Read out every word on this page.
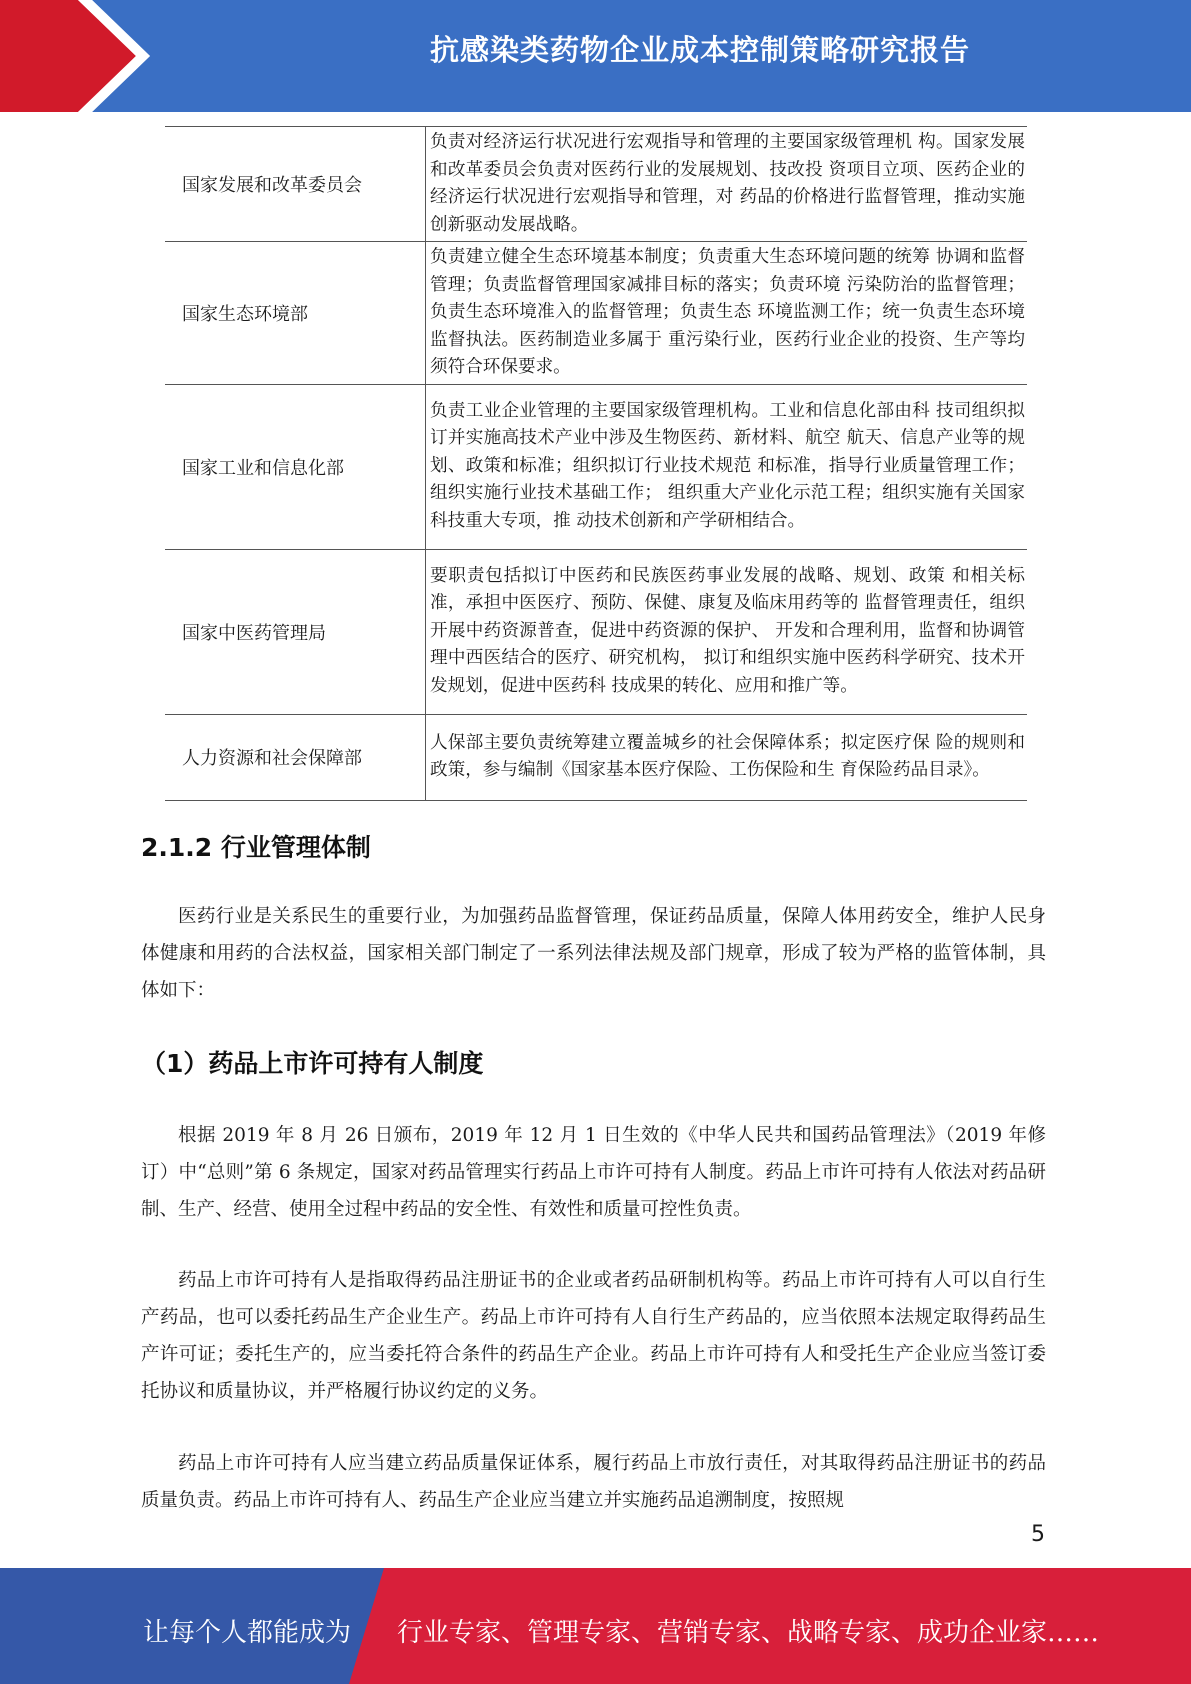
抗感染类药物企业成本控制策略研究报告
国家发展和改革委员会	负责对经济运行状况进行宏观指导和管理的主要国家级管理机 构。国家发展和改革委员会负责对医药行业的发展规划、技改投 资项目立项、医药企业的经济运行状况进行宏观指导和管理，对 药品的价格进行监督管理，推动实施创新驱动发展战略。
国家生态环境部	负责建立健全生态环境基本制度；负责重大生态环境问题的统筹 协调和监督管理；负责监督管理国家减排目标的落实；负责环境 污染防治的监督管理；负责生态环境准入的监督管理；负责生态 环境监测工作；统一负责生态环境监督执法。医药制造业多属于 重污染行业，医药行业企业的投资、生产等均须符合环保要求。
国家工业和信息化部	负责工业企业管理的主要国家级管理机构。工业和信息化部由科 技司组织拟订并实施高技术产业中涉及生物医药、新材料、航空 航天、信息产业等的规划、政策和标准；组织拟订行业技术规范 和标准，指导行业质量管理工作；组织实施行业技术基础工作； 组织重大产业化示范工程；组织实施有关国家科技重大专项，推 动技术创新和产学研相结合。
国家中医药管理局	要职责包括拟订中医药和民族医药事业发展的战略、规划、政策 和相关标准，承担中医医疗、预防、保健、康复及临床用药等的 监督管理责任，组织开展中药资源普查，促进中药资源的保护、 开发和合理利用，监督和协调管理中西医结合的医疗、研究机构， 拟订和组织实施中医药科学研究、技术开发规划，促进中医药科 技成果的转化、应用和推广等。
人力资源和社会保障部	人保部主要负责统筹建立覆盖城乡的社会保障体系；拟定医疗保 险的规则和政策，参与编制《国家基本医疗保险、工伤保险和生 育保险药品目录》。
2.1.2 行业管理体制

医药行业是关系民生的重要行业，为加强药品监督管理，保证药品质量，保障人体用药安全，维护人民身体健康和用药的合法权益，国家相关部门制定了一系列法律法规及部门规章，形成了较为严格的监管体制，具体如下：

（1）药品上市许可持有人制度

根据 2019 年 8 月 26 日颁布，2019 年 12 月 1 日生效的《中华人民共和国药品管理法》（2019 年修订）中“总则”第 6 条规定，国家对药品管理实行药品上市许可持有人制度。药品上市许可持有人依法对药品研制、生产、经营、使用全过程中药品的安全性、有效性和质量可控性负责。

药品上市许可持有人是指取得药品注册证书的企业或者药品研制机构等。药品上市许可持有人可以自行生产药品，也可以委托药品生产企业生产。药品上市许可持有人自行生产药品的，应当依照本法规定取得药品生产许可证；委托生产的，应当委托符合条件的药品生产企业。药品上市许可持有人和受托生产企业应当签订委托协议和质量协议，并严格履行协议约定的义务。

药品上市许可持有人应当建立药品质量保证体系，履行药品上市放行责任，对其取得药品注册证书的药品质量负责。药品上市许可持有人、药品生产企业应当建立并实施药品追溯制度，按照规

5
让每个人都能成为 行业专家、管理专家、营销专家、战略专家、成功企业家……
